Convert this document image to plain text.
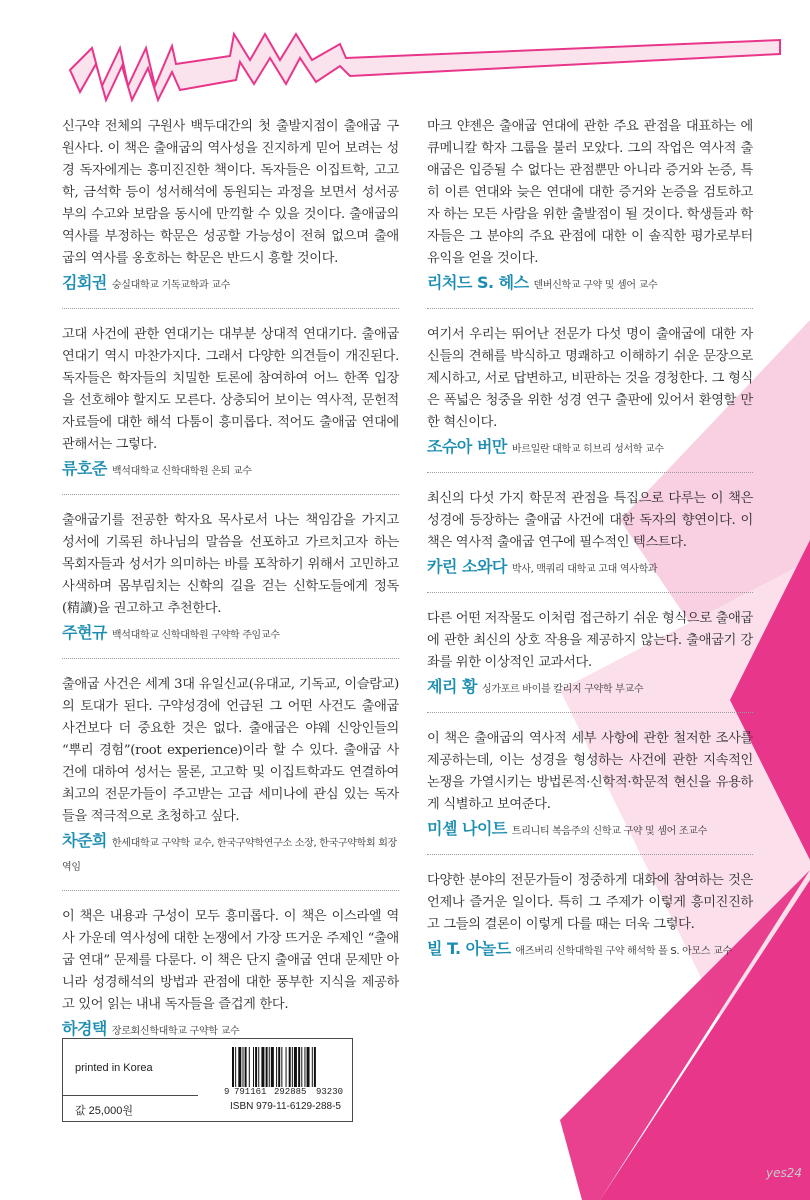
신구약 전체의 구원사 백두대간의 첫 출발지점이 출애굽 구원사다. 이 책은 출애굽의 역사성을 진지하게 믿어 보려는 성경 독자에게는 흥미진진한 책이다. 독자들은 이집트학, 고고학, 금석학 등이 성서해석에 동원되는 과정을 보면서 성서공부의 수고와 보람을 동시에 만끽할 수 있을 것이다. 출애굽의 역사를 부정하는 학문은 성공할 가능성이 전혀 없으며 출애굽의 역사를 옹호하는 학문은 반드시 흥할 것이다.

김회권 숭실대학교 기독교학과 교수

고대 사건에 관한 연대기는 대부분 상대적 연대기다. 출애굽 연대기 역시 마찬가지다. 그래서 다양한 의견들이 개진된다. 독자들은 학자들의 치밀한 토론에 참여하여 어느 한쪽 입장을 선호해야 할지도 모른다. 상충되어 보이는 역사적, 문헌적 자료들에 대한 해석 다툼이 흥미롭다. 적어도 출애굽 연대에 관해서는 그렇다.

류호준 백석대학교 신학대학원 은퇴 교수

출애굽기를 전공한 학자요 목사로서 나는 책임감을 가지고 성서에 기록된 하나님의 말씀을 선포하고 가르치고자 하는 목회자들과 성서가 의미하는 바를 포착하기 위해서 고민하고 사색하며 몸부림치는 신학의 길을 걷는 신학도들에게 정독(精讀)을 권고하고 추천한다.

주현규 백석대학교 신학대학원 구약학 주임교수

출애굽 사건은 세계 3대 유일신교(유대교, 기독교, 이슬람교)의 토대가 된다. 구약성경에 언급된 그 어떤 사건도 출애굽 사건보다 더 중요한 것은 없다. 출애굽은 야웨 신앙인들의 “뿌리 경험”(root experience)이라 할 수 있다. 출애굽 사건에 대하여 성서는 물론, 고고학 및 이집트학과도 연결하여 최고의 전문가들이 주고받는 고급 세미나에 관심 있는 독자들을 적극적으로 초청하고 싶다.

차준희 한세대학교 구약학 교수, 한국구약학연구소 소장, 한국구약학회 회장 역임

이 책은 내용과 구성이 모두 흥미롭다. 이 책은 이스라엘 역사 가운데 역사성에 대한 논쟁에서 가장 뜨거운 주제인 “출애굽 연대” 문제를 다룬다. 이 책은 단지 출애굽 연대 문제만 아니라 성경해석의 방법과 관점에 대한 풍부한 지식을 제공하고 있어 읽는 내내 독자들을 즐겁게 한다.

하경택 장로회신학대학교 구약학 교수

마크 얀젠은 출애굽 연대에 관한 주요 관점을 대표하는 에큐메니칼 학자 그룹을 불러 모았다. 그의 작업은 역사적 출애굽은 입증될 수 없다는 관점뿐만 아니라 증거와 논증, 특히 이른 연대와 늦은 연대에 대한 증거와 논증을 검토하고자 하는 모든 사람을 위한 출발점이 될 것이다. 학생들과 학자들은 그 분야의 주요 관점에 대한 이 솔직한 평가로부터 유익을 얻을 것이다.

리처드 S. 헤스 덴버신학교 구약 및 셈어 교수

여기서 우리는 뛰어난 전문가 다섯 명이 출애굽에 대한 자신들의 견해를 박식하고 명쾌하고 이해하기 쉬운 문장으로 제시하고, 서로 답변하고, 비판하는 것을 경청한다. 그 형식은 폭넓은 청중을 위한 성경 연구 출판에 있어서 환영할 만한 혁신이다.

조슈아 버만 바르일란 대학교 히브리 성서학 교수

최신의 다섯 가지 학문적 관점을 특집으로 다루는 이 책은 성경에 등장하는 출애굽 사건에 대한 독자의 향연이다. 이 책은 역사적 출애굽 연구에 필수적인 텍스트다.

카린 소와다 박사, 맥쿼리 대학교 고대 역사학과

다른 어떤 저작물도 이처럼 접근하기 쉬운 형식으로 출애굽에 관한 최신의 상호 작용을 제공하지 않는다. 출애굽기 강좌를 위한 이상적인 교과서다.

제리 황 싱가포르 바이블 칼리지 구약학 부교수

이 책은 출애굽의 역사적 세부 사항에 관한 철저한 조사를 제공하는데, 이는 성경을 형성하는 사건에 관한 지속적인 논쟁을 가열시키는 방법론적·신학적·학문적 현신을 유용하게 식별하고 보여준다.

미셸 나이트 트리니티 복음주의 신학교 구약 및 셈어 조교수

다양한 분야의 전문가들이 정중하게 대화에 참여하는 것은 언제나 즐거운 일이다. 특히 그 주제가 이렇게 흥미진진하고 그들의 결론이 이렇게 다를 때는 더욱 그렇다.

빌 T. 아놀드 애즈버리 신학대학원 구약 해석학 폴 S. 아모스 교수
printed in Korea
값 25,000원
9 791161 292885 93230
ISBN 979-11-6129-288-5
yes24
